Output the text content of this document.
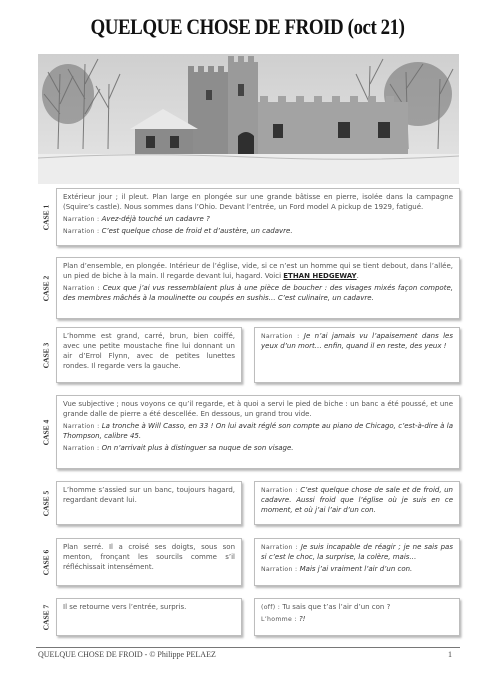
QUELQUE CHOSE DE FROID (oct 21)
CASE 1

Extérieur jour ; il pleut. Plan large en plongée sur une grande bâtisse en pierre, isolée dans la campagne (Squire’s castle). Nous sommes dans l’Ohio. Devant l’entrée, un Ford model A pickup de 1929, fatigué.

Narration : Avez-déjà touché un cadavre ?

Narration : C’est quelque chose de froid et d’austère, un cadavre.

CASE 2

Plan d’ensemble, en plongée. Intérieur de l’église, vide, si ce n’est un homme qui se tient debout, dans l’allée, un pied de biche à la main. Il regarde devant lui, hagard. Voici ETHAN HEDGEWAY.

Narration : Ceux que j’ai vus ressemblaient plus à une pièce de boucher : des visages mixés façon compote, des membres mâchés à la moulinette ou coupés en sushis… C’est culinaire, un cadavre.

CASE 3

L’homme est grand, carré, brun, bien coiffé, avec une petite moustache fine lui donnant un air d’Errol Flynn, avec de petites lunettes rondes. Il regarde vers la gauche.

Narration : Je n’ai jamais vu l’apaisement dans les yeux d’un mort… enfin, quand il en reste, des yeux !

CASE 4

Vue subjective ; nous voyons ce qu’il regarde, et à quoi a servi le pied de biche : un banc a été poussé, et une grande dalle de pierre a été descellée. En dessous, un grand trou vide.

Narration : La tronche à Will Casso, en 33 ! On lui avait réglé son compte au piano de Chicago, c’est-à-dire à la Thompson, calibre 45.

Narration : On n’arrivait plus à distinguer sa nuque de son visage.

CASE 5

L’homme s’assied sur un banc, toujours hagard, regardant devant lui.

Narration : C’est quelque chose de sale et de froid, un cadavre. Aussi froid que l’église où je suis en ce moment, et où j’ai l’air d’un con.

CASE 6

Plan serré. Il a croisé ses doigts, sous son menton, fronçant les sourcils comme s’il réfléchissait intensément.

Narration : Je suis incapable de réagir ; je ne sais pas si c’est le choc, la surprise, la colère, mais…

Narration : Mais j’ai vraiment l’air d’un con.

CASE 7 Il se retourne vers l’entrée, surpris.	(off) : Tu sais que t’as l’air d’un con ?

L’homme : ?!

QUELQUE CHOSE DE FROID - © Philippe PELAEZ	1
